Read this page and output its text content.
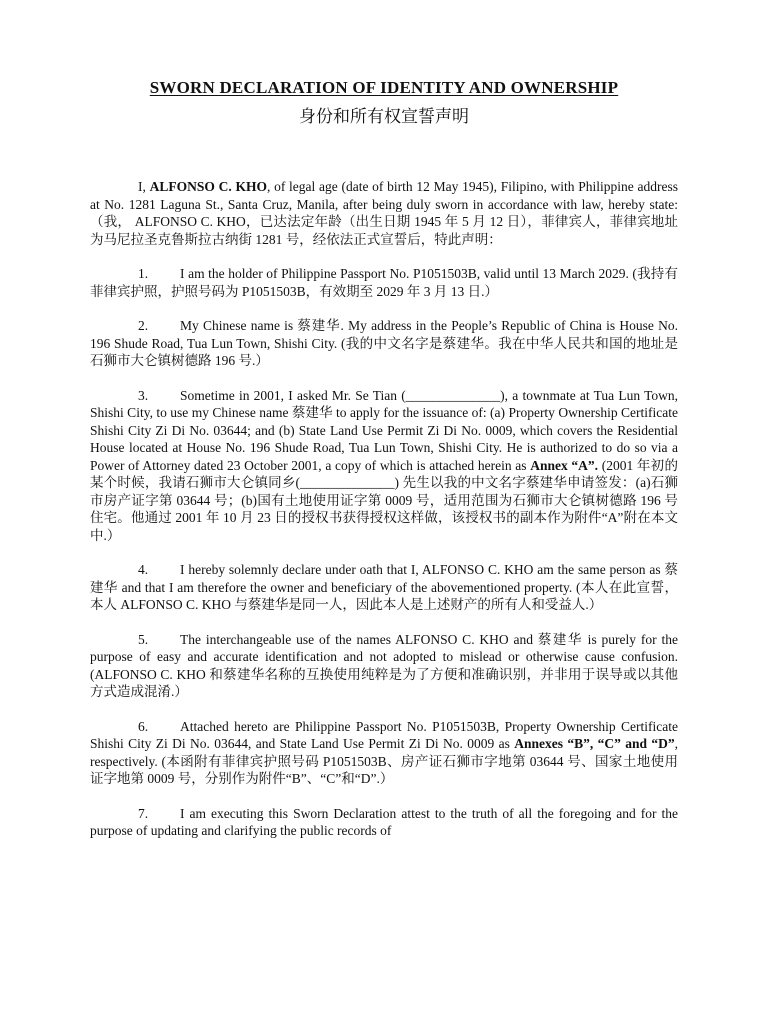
SWORN DECLARATION OF IDENTITY AND OWNERSHIP
身份和所有权宣誓声明

I, ALFONSO C. KHO, of legal age (date of birth 12 May 1945), Filipino, with Philippine address at No. 1281 Laguna St., Santa Cruz, Manila, after being duly sworn in accordance with law, hereby state:（我， ALFONSO C. KHO，已达法定年龄（出生日期 1945 年 5 月 12 日），菲律宾人，菲律宾地址为马尼拉圣克鲁斯拉古纳街 1281 号，经依法正式宣誓后，特此声明：

1. I am the holder of Philippine Passport No. P1051503B, valid until 13 March 2029. (我持有菲律宾护照，护照号码为 P1051503B，有效期至 2029 年 3 月 13 日.）

2. My Chinese name is 蔡建华. My address in the People’s Republic of China is House No. 196 Shude Road, Tua Lun Town, Shishi City. (我的中文名字是蔡建华。我在中华人民共和国的地址是石狮市大仑镇树德路 196 号.）

3. Sometime in 2001, I asked Mr. Se Tian (______________), a townmate at Tua Lun Town, Shishi City, to use my Chinese name 蔡建华 to apply for the issuance of: (a) Property Ownership Certificate Shishi City Zi Di No. 03644; and (b) State Land Use Permit Zi Di No. 0009, which covers the Residential House located at House No. 196 Shude Road, Tua Lun Town, Shishi City. He is authorized to do so via a Power of Attorney dated 23 October 2001, a copy of which is attached herein as Annex “A”. (2001 年初的某个时候，我请石狮市大仑镇同乡(______________) 先生以我的中文名字蔡建华申请签发：(a)石狮市房产证字第 03644 号；(b)国有土地使用证字第 0009 号，适用范围为石狮市大仑镇树德路 196 号住宅。他通过 2001 年 10 月 23 日的授权书获得授权这样做，该授权书的副本作为附件“A”附在本文中.）

4. I hereby solemnly declare under oath that I, ALFONSO C. KHO am the same person as 蔡建华 and that I am therefore the owner and beneficiary of the abovementioned property. (本人在此宣誓，本人 ALFONSO C. KHO 与蔡建华是同一人，因此本人是上述财产的所有人和受益人.）

5. The interchangeable use of the names ALFONSO C. KHO and 蔡建华 is purely for the purpose of easy and accurate identification and not adopted to mislead or otherwise cause confusion. (ALFONSO C. KHO 和蔡建华名称的互换使用纯粹是为了方便和准确识别，并非用于误导或以其他方式造成混淆.）

6. Attached hereto are Philippine Passport No. P1051503B, Property Ownership Certificate Shishi City Zi Di No. 03644, and State Land Use Permit Zi Di No. 0009 as Annexes “B”, “C” and “D”, respectively. (本函附有菲律宾护照号码 P1051503B、房产证石狮市字地第 03644 号、国家土地使用证字地第 0009 号，分别作为附件“B”、“C”和“D”.）

7. I am executing this Sworn Declaration attest to the truth of all the foregoing and for the purpose of updating and clarifying the public records of
